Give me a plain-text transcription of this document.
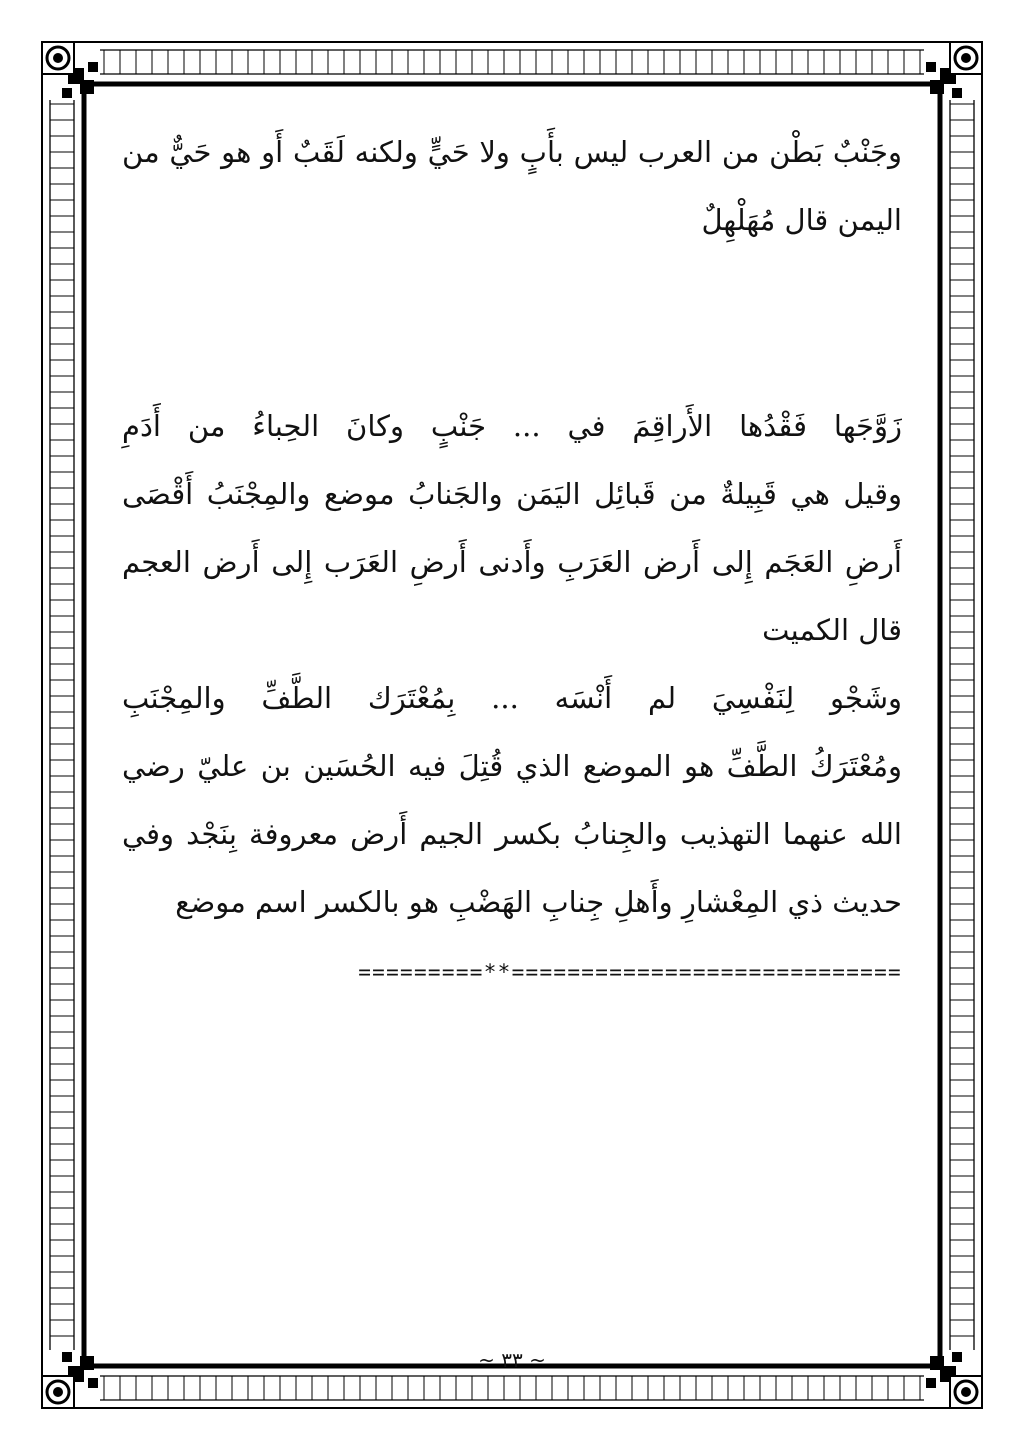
وجَنْبٌ بَطْن من العرب ليس بأَبٍ ولا حَيٍّ ولكنه لَقَبٌ أَو هو حَيٌّ من اليمن قال مُهَلْهِلٌ

زَوَّجَها فَقْدُها الأَراقِمَ في ... جَنْبٍ وكانَ الحِباءُ من أَدَمِ

وقيل هي قَبِيلةٌ من قَبائِل اليَمَن والجَنابُ موضع والمِجْنَبُ أَقْصَى أَرضِ العَجَم إِلى أَرض العَرَبِ وأَدنى أَرضِ العَرَب إِلى أَرض العجم قال الكميت

وشَجْو لِنَفْسِيَ لم أَنْسَه ... بِمُعْتَرَك الطَّفِّ والمِجْنَبِ

ومُعْتَرَكُ الطَّفِّ هو الموضع الذي قُتِلَ فيه الحُسَين بن عليّ رضي الله عنهما التهذيب والجِنابُ بكسر الجيم أَرض معروفة بِنَجْد وفي حديث ذي المِعْشارِ وأَهلِ جِنابِ الهَضْبِ هو بالكسر اسم موضع

=========**============================
~ ٣٣ ~
